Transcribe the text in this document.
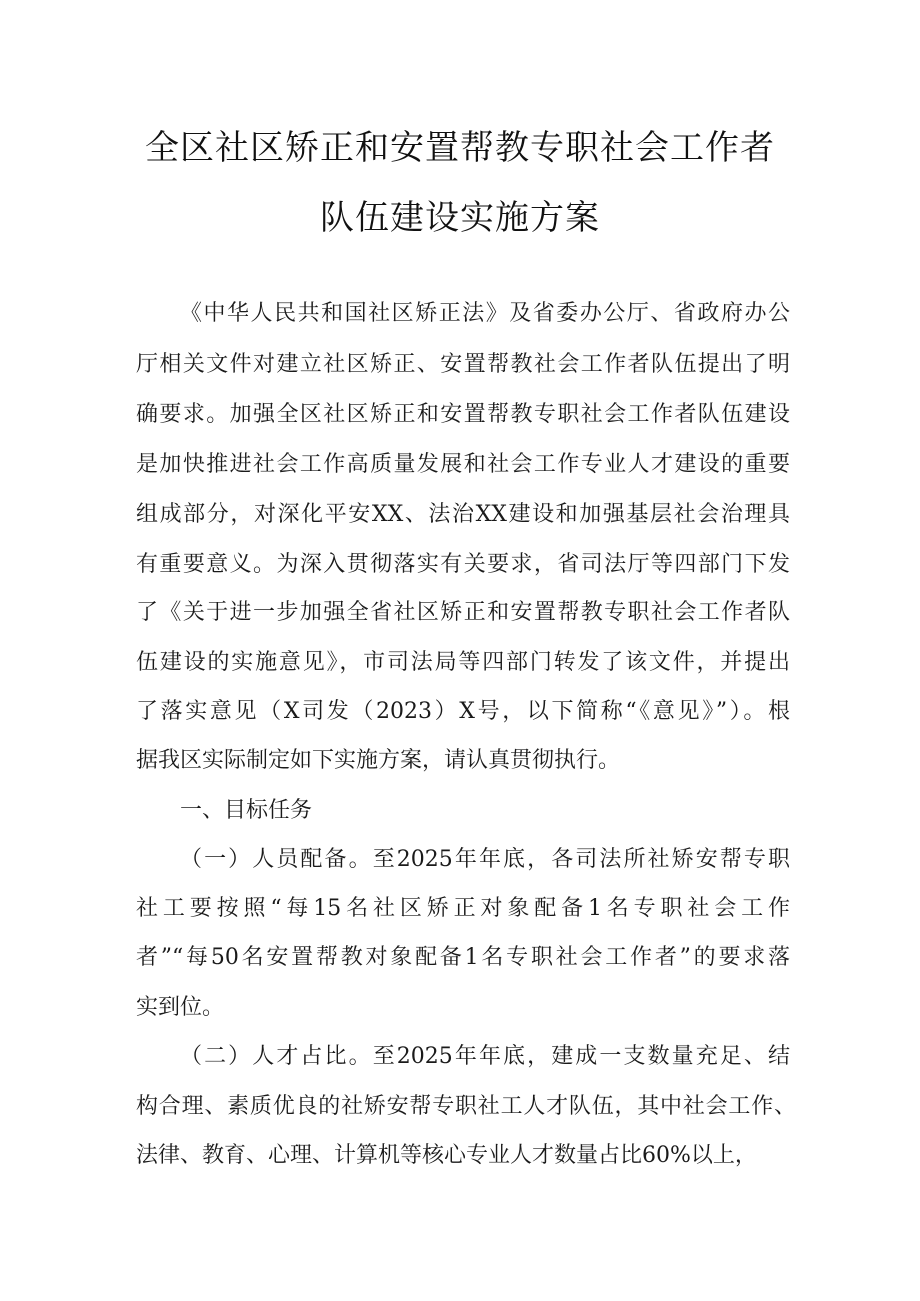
全区社区矫正和安置帮教专职社会工作者
队伍建设实施方案
《中华人民共和国社区矫正法》及省委办公厅、省政府办公
厅相关文件对建立社区矫正、安置帮教社会工作者队伍提出了明
确要求。加强全区社区矫正和安置帮教专职社会工作者队伍建设
是加快推进社会工作高质量发展和社会工作专业人才建设的重要
组成部分，对深化平安XX、法治XX建设和加强基层社会治理具
有重要意义。为深入贯彻落实有关要求，省司法厅等四部门下发
了《关于进一步加强全省社区矫正和安置帮教专职社会工作者队
伍建设的实施意见》，市司法局等四部门转发了该文件，并提出
了落实意见（X司发（2023）X号，以下简称“《意见》”）。根
据我区实际制定如下实施方案，请认真贯彻执行。
一、目标任务
（一）人员配备。至2025年年底，各司法所社矫安帮专职
社工要按照“每15名社区矫正对象配备1名专职社会工作
者”“每50名安置帮教对象配备1名专职社会工作者”的要求落
实到位。
（二）人才占比。至2025年年底，建成一支数量充足、结
构合理、素质优良的社矫安帮专职社工人才队伍，其中社会工作、
法律、教育、心理、计算机等核心专业人才数量占比60%以上，
